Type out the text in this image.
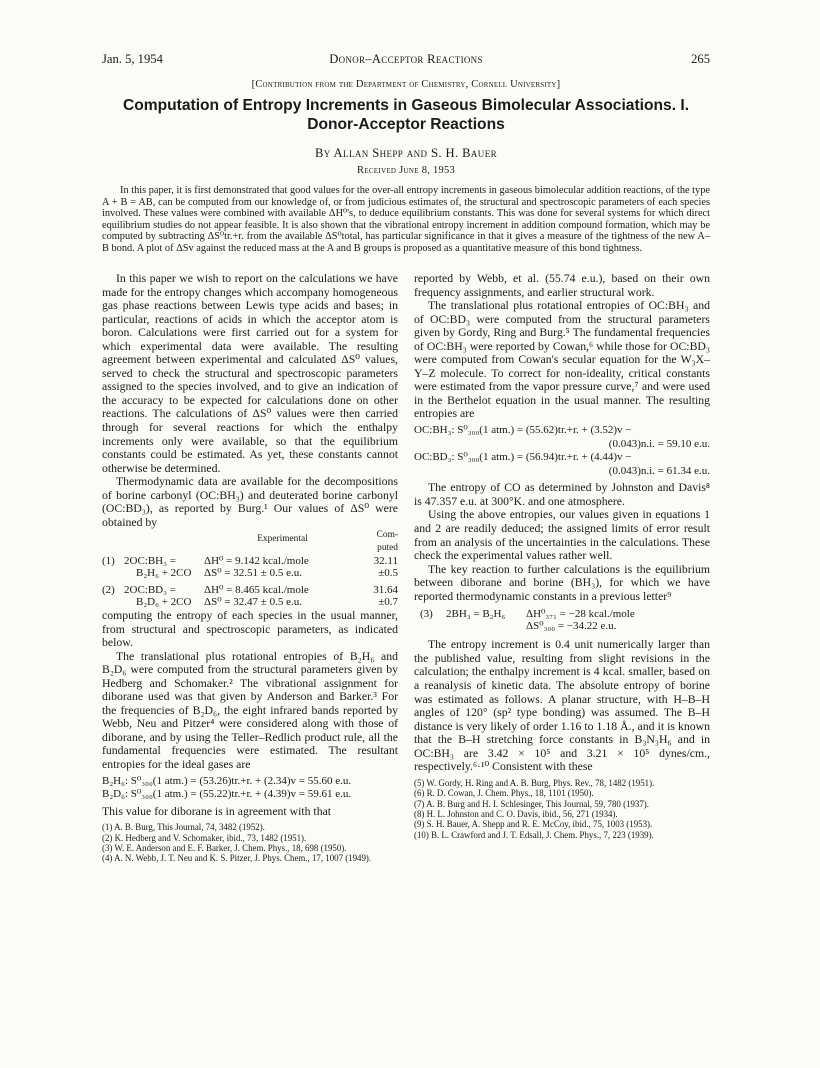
Jan. 5, 1954	Donor–Acceptor Reactions	265
[Contribution from the Department of Chemistry, Cornell University]
Computation of Entropy Increments in Gaseous Bimolecular Associations. I. Donor-Acceptor Reactions
By Allan Shepp and S. H. Bauer
Received June 8, 1953

In this paper, it is first demonstrated that good values for the over-all entropy increments in gaseous bimolecular addition reactions, of the type A + B = AB, can be computed from our knowledge of, or from judicious estimates of, the structural and spectroscopic parameters of each species involved. These values were combined with available ΔH⁰'s, to deduce equilibrium constants. This was done for several systems for which direct equilibrium studies do not appear feasible. It is also shown that the vibrational entropy increment in addition compound formation, which may be computed by subtracting ΔS⁰tr.+r. from the available ΔS⁰total, has particular significance in that it gives a measure of the tightness of the new A–B bond. A plot of ΔSv against the reduced mass at the A and B groups is proposed as a quantitative measure of this bond tightness.

In this paper we wish to report on the calculations we have made for the entropy changes which accompany homogeneous gas phase reactions between Lewis type acids and bases; in particular, reactions of acids in which the acceptor atom is boron. Calculations were first carried out for a system for which experimental data were available. The resulting agreement between experimental and calculated ΔS⁰ values, served to check the structural and spectroscopic parameters assigned to the species involved, and to give an indication of the accuracy to be expected for calculations done on other reactions. The calculations of ΔS⁰ values were then carried through for several reactions for which the enthalpy increments only were available, so that the equilibrium constants could be estimated. As yet, these constants cannot otherwise be determined.

Thermodynamic data are available for the decompositions of borine carbonyl (OC:BH₃) and deuterated borine carbonyl (OC:BD₃), as reported by Burg.¹ Our values of ΔS⁰ were obtained by

		Experimental	Com-
puted
(1)	2OC:BH₃ =	ΔH⁰ = 9.142 kcal./mole	32.11
	B₂H₆ + 2CO	ΔS⁰ = 32.51 ± 0.5 e.u.	±0.5
(2)	2OC:BD₃ =	ΔH⁰ = 8.465 kcal./mole	31.64
	B₂D₆ + 2CO	ΔS⁰ = 32.47 ± 0.5 e.u.	±0.7

computing the entropy of each species in the usual manner, from structural and spectroscopic parameters, as indicated below.

The translational plus rotational entropies of B₂H₆ and B₂D₆ were computed from the structural parameters given by Hedberg and Schomaker.² The vibrational assignment for diborane used was that given by Anderson and Barker.³ For the frequencies of B₂D₆, the eight infrared bands reported by Webb, Neu and Pitzer⁴ were considered along with those of diborane, and by using the Teller–Redlich product rule, all the fundamental frequencies were estimated. The resultant entropies for the ideal gases are

B₂H₆: S⁰₃₀₀(1 atm.) = (53.26)tr.+r. + (2.34)v = 55.60 e.u.
B₂D₆: S⁰₃₀₀(1 atm.) = (55.22)tr.+r. + (4.39)v = 59.61 e.u.

This value for diborane is in agreement with that

(1) A. B. Burg, This Journal, 74, 3482 (1952).
(2) K. Hedberg and V. Schomaker, ibid., 73, 1482 (1951).
(3) W. E. Anderson and E. F. Barker, J. Chem. Phys., 18, 698 (1950).
(4) A. N. Webb, J. T. Neu and K. S. Pitzer, J. Phys. Chem., 17, 1007 (1949).

reported by Webb, et al. (55.74 e.u.), based on their own frequency assignments, and earlier structural work.

The translational plus rotational entropies of OC:BH₃ and of OC:BD₃ were computed from the structural parameters given by Gordy, Ring and Burg.⁵ The fundamental frequencies of OC:BH₃ were reported by Cowan,⁶ while those for OC:BD₃ were computed from Cowan's secular equation for the W₃X–Y–Z molecule. To correct for non-ideality, critical constants were estimated from the vapor pressure curve,⁷ and were used in the Berthelot equation in the usual manner. The resulting entropies are

OC:BH₃: S⁰₃₀₀(1 atm.) = (55.62)tr.+r. + (3.52)v −
(0.043)n.i. = 59.10 e.u.
OC:BD₃: S⁰₃₀₀(1 atm.) = (56.94)tr.+r. + (4.44)v −
(0.043)n.i. = 61.34 e.u.

The entropy of CO as determined by Johnston and Davis⁸ is 47.357 e.u. at 300°K. and one atmosphere.

Using the above entropies, our values given in equations 1 and 2 are readily deduced; the assigned limits of error result from an analysis of the uncertainties in the calculations. These check the experimental values rather well.

The key reaction to further calculations is the equilibrium between diborane and borine (BH₃), for which we have reported thermodynamic constants in a previous letter⁹

(3)	2BH₃ = B₂H₆	ΔH⁰₃₇₁ = −28 kcal./mole
ΔS⁰₃₀₀ = −34.22 e.u.

The entropy increment is 0.4 unit numerically larger than the published value, resulting from slight revisions in the calculation; the enthalpy increment is 4 kcal. smaller, based on a reanalysis of kinetic data. The absolute entropy of borine was estimated as follows. A planar structure, with H–B–H angles of 120° (sp² type bonding) was assumed. The B–H distance is very likely of order 1.16 to 1.18 Å., and it is known that the B–H stretching force constants in B₃N₃H₆ and in OC:BH₃ are 3.42 × 10⁵ and 3.21 × 10⁵ dynes/cm., respectively.⁶·¹⁰ Consistent with these

(5) W. Gordy, H. Ring and A. B. Burg, Phys. Rev., 78, 1482 (1951).
(6) R. D. Cowan, J. Chem. Phys., 18, 1101 (1950).
(7) A. B. Burg and H. I. Schlesinger, This Journal, 59, 780 (1937).
(8) H. L. Johnston and C. O. Davis, ibid., 56, 271 (1934).
(9) S. H. Bauer, A. Shepp and R. E. McCoy, ibid., 75, 1003 (1953).
(10) B. L. Crawford and J. T. Edsall, J. Chem. Phys., 7, 223 (1939).
